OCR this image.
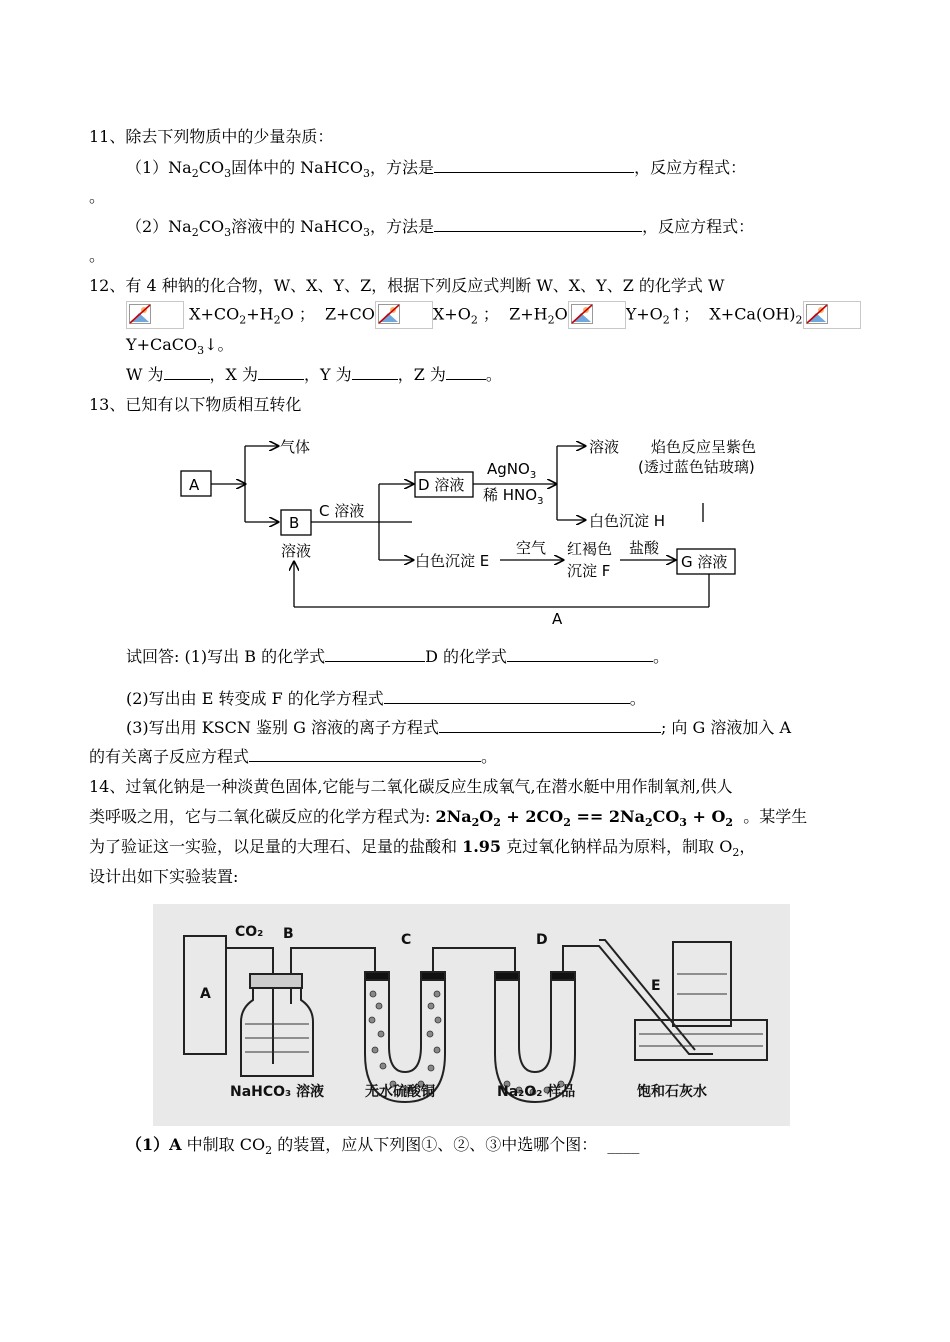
11、除去下列物质中的少量杂质：
$(1)Na_2CO_3$固体中的 NaHCO$_3$，方法是	，反应方程式：
。
$(2)Na_2CO_3$溶液中的 NaHCO$_3$，方法是	，反应方程式：
。
12、有 4 种钠的化合物，W、X、Y、Z，根据下列反应式判断 W、X、Y、Z 的化学式 W
$X+CO_2+H_2O$ ； Z+CO	$X+O_2$ ； $Z+H_2O$	$Y+O_2↑$； $X+Ca(OH)_2$
Y+CaCO$_3$↓。
W 为	，X 为	，Y 为	，Z 为	。
13、已知有以下物质相互转化
A
气体
B
溶液
C 溶液
D 溶液
AgNO$_3$
稀 $HNO_3$
溶液 焰色反应呈紫色
(透过蓝色钴玻璃)
白色沉淀 H
白色沉淀 E
空气 红褐色
沉淀 F
盐酸
G 溶液
A
试回答: (1)写出 B 的化学式	D 的化学式	。
(2)写出由 E 转变成 F 的化学方程式	。
(3)写出用 KSCN 鉴别 G 溶液的离子方程式	; 向 G 溶液加入 A
的有关离子反应方程式	。
14、过氧化钠是一种淡黄色固体,它能与二氧化碳反应生成氧气,在潜水艇中用作制氧剂,供人
类呼吸之用，它与二氧化碳反应的化学方程式为: $2Na_2O_2 + 2CO_2 == 2Na_2CO_3 + O_2$ 。某学生
为了验证这一实验，以足量的大理石、足量的盐酸和 1.95 克过氧化钠样品为原料，制取 $O_2$，
设计出如下实验装置:
A
CO₂ B	C	D
E
NaHCO₃ 溶液	无水硫酸铜	Na₂O₂ 样品	饱和石灰水
（1）A 中制取 $CO_2$ 的装置，应从下列图①、②、③中选哪个图： ____
